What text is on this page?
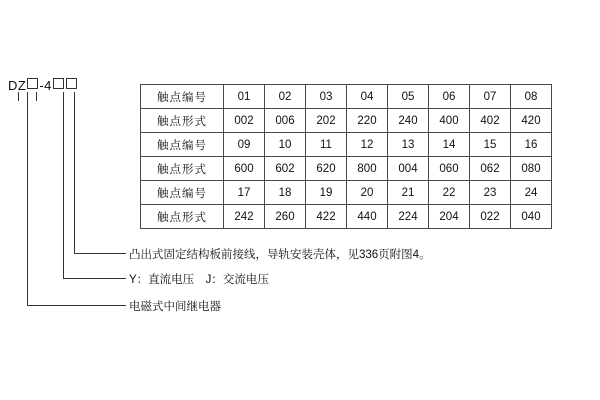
DZ -4
触点编号	01	02	03	04	05	06	07	08
触点形式	002	006	202	220	240	400	402	420
触点编号	09	10	11	12	13	14	15	16
触点形式	600	602	620	800	004	060	062	080
触点编号	17	18	19	20	21	22	23	24
触点形式	242	260	422	440	224	204	022	040
凸出式固定结构板前接线，导轨安装壳体，见336页附图4。
Y：直流电压　J：交流电压
电磁式中间继电器
